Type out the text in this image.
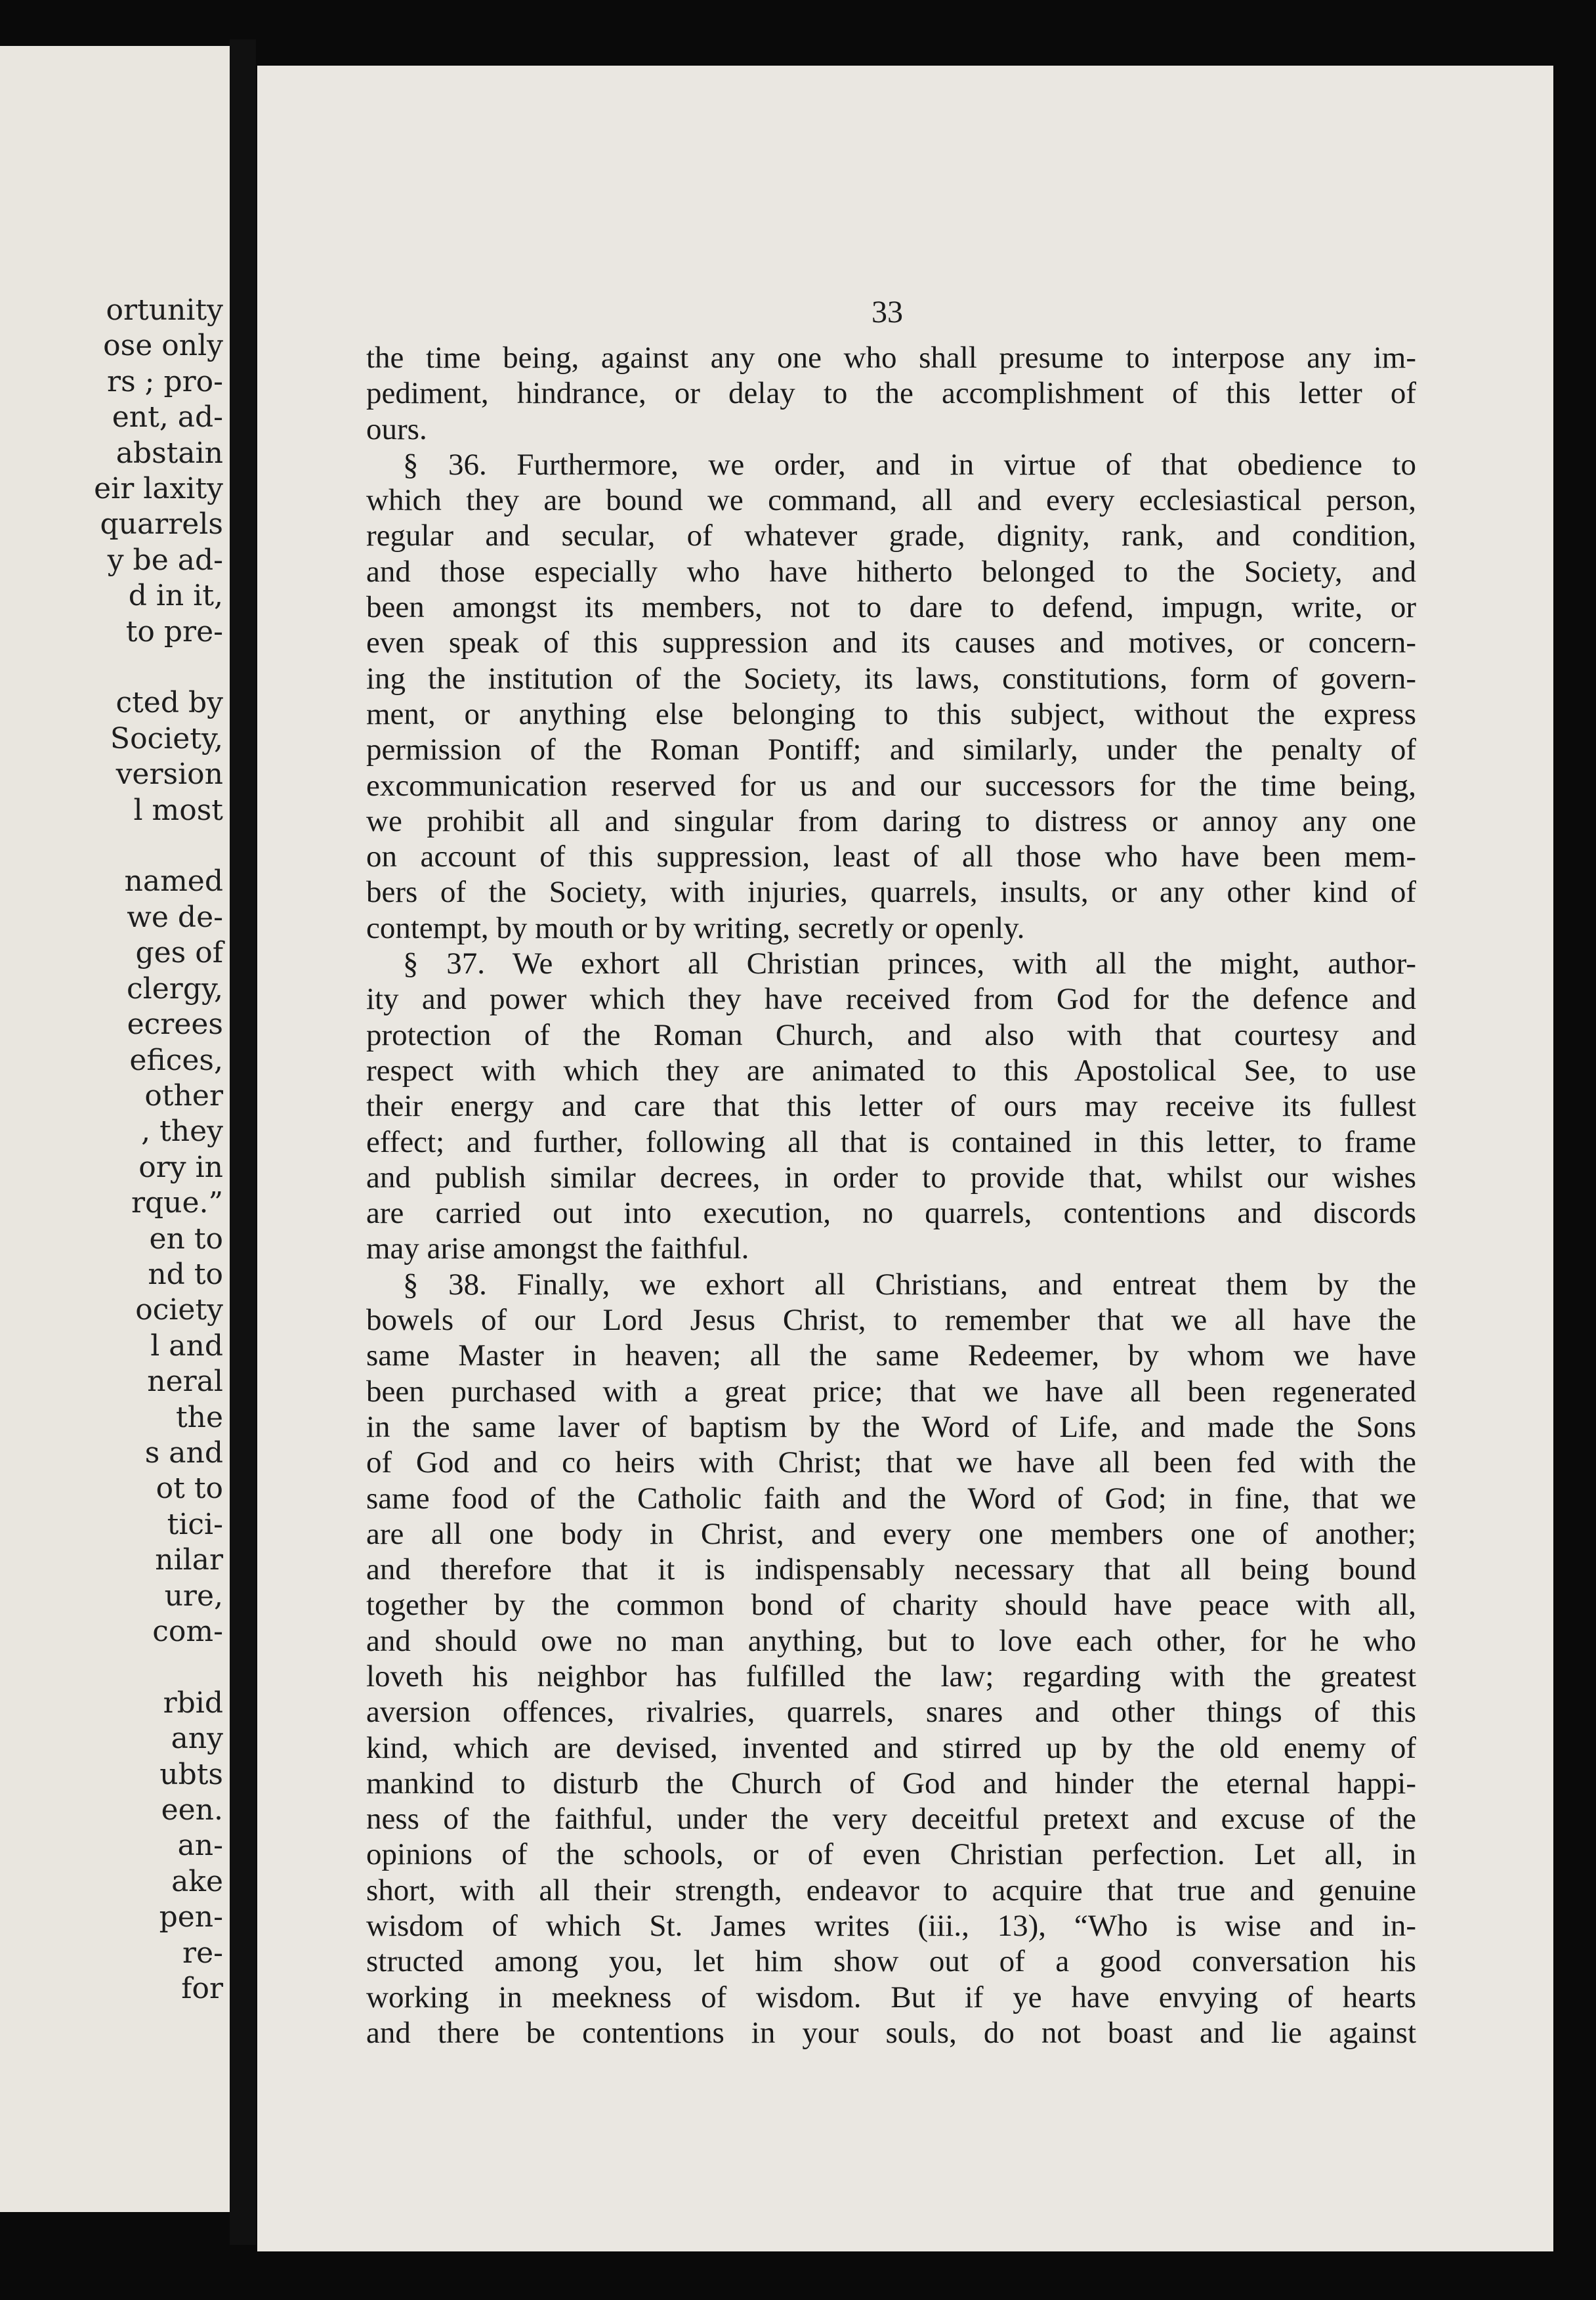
ortunity
ose only
rs ; pro-
ent, ad-
abstain
eir laxity
quarrels
y be ad-
d in it,
to pre-
cted by
Society,
version
l most
named
we de-
ges of
clergy,
ecrees
efices,
other
, they
ory in
rque.”
en to
nd to
ociety
l and
neral
the
s and
ot to
tici-
nilar
ure,
com-
rbid
any
ubts
een.
an-
ake
pen-
re-
for
33
the time being, against any one who shall presume to interpose any im-
pediment, hindrance, or delay to the accomplishment of this letter of
ours.
§ 36. Furthermore, we order, and in virtue of that obedience to
which they are bound we command, all and every ecclesiastical person,
regular and secular, of whatever grade, dignity, rank, and condition,
and those especially who have hitherto belonged to the Society, and
been amongst its members, not to dare to defend, impugn, write, or
even speak of this suppression and its causes and motives, or concern-
ing the institution of the Society, its laws, constitutions, form of govern-
ment, or anything else belonging to this subject, without the express
permission of the Roman Pontiff; and similarly, under the penalty of
excommunication reserved for us and our successors for the time being,
we prohibit all and singular from daring to distress or annoy any one
on account of this suppression, least of all those who have been mem-
bers of the Society, with injuries, quarrels, insults, or any other kind of
contempt, by mouth or by writing, secretly or openly.
§ 37. We exhort all Christian princes, with all the might, author-
ity and power which they have received from God for the defence and
protection of the Roman Church, and also with that courtesy and
respect with which they are animated to this Apostolical See, to use
their energy and care that this letter of ours may receive its fullest
effect; and further, following all that is contained in this letter, to frame
and publish similar decrees, in order to provide that, whilst our wishes
are carried out into execution, no quarrels, contentions and discords
may arise amongst the faithful.
§ 38. Finally, we exhort all Christians, and entreat them by the
bowels of our Lord Jesus Christ, to remember that we all have the
same Master in heaven; all the same Redeemer, by whom we have
been purchased with a great price; that we have all been regenerated
in the same laver of baptism by the Word of Life, and made the Sons
of God and co heirs with Christ; that we have all been fed with the
same food of the Catholic faith and the Word of God; in fine, that we
are all one body in Christ, and every one members one of another;
and therefore that it is indispensably necessary that all being bound
together by the common bond of charity should have peace with all,
and should owe no man anything, but to love each other, for he who
loveth his neighbor has fulfilled the law; regarding with the greatest
aversion offences, rivalries, quarrels, snares and other things of this
kind, which are devised, invented and stirred up by the old enemy of
mankind to disturb the Church of God and hinder the eternal happi-
ness of the faithful, under the very deceitful pretext and excuse of the
opinions of the schools, or of even Christian perfection. Let all, in
short, with all their strength, endeavor to acquire that true and genuine
wisdom of which St. James writes (iii., 13), “Who is wise and in-
structed among you, let him show out of a good conversation his
working in meekness of wisdom. But if ye have envying of hearts
and there be contentions in your souls, do not boast and lie against
